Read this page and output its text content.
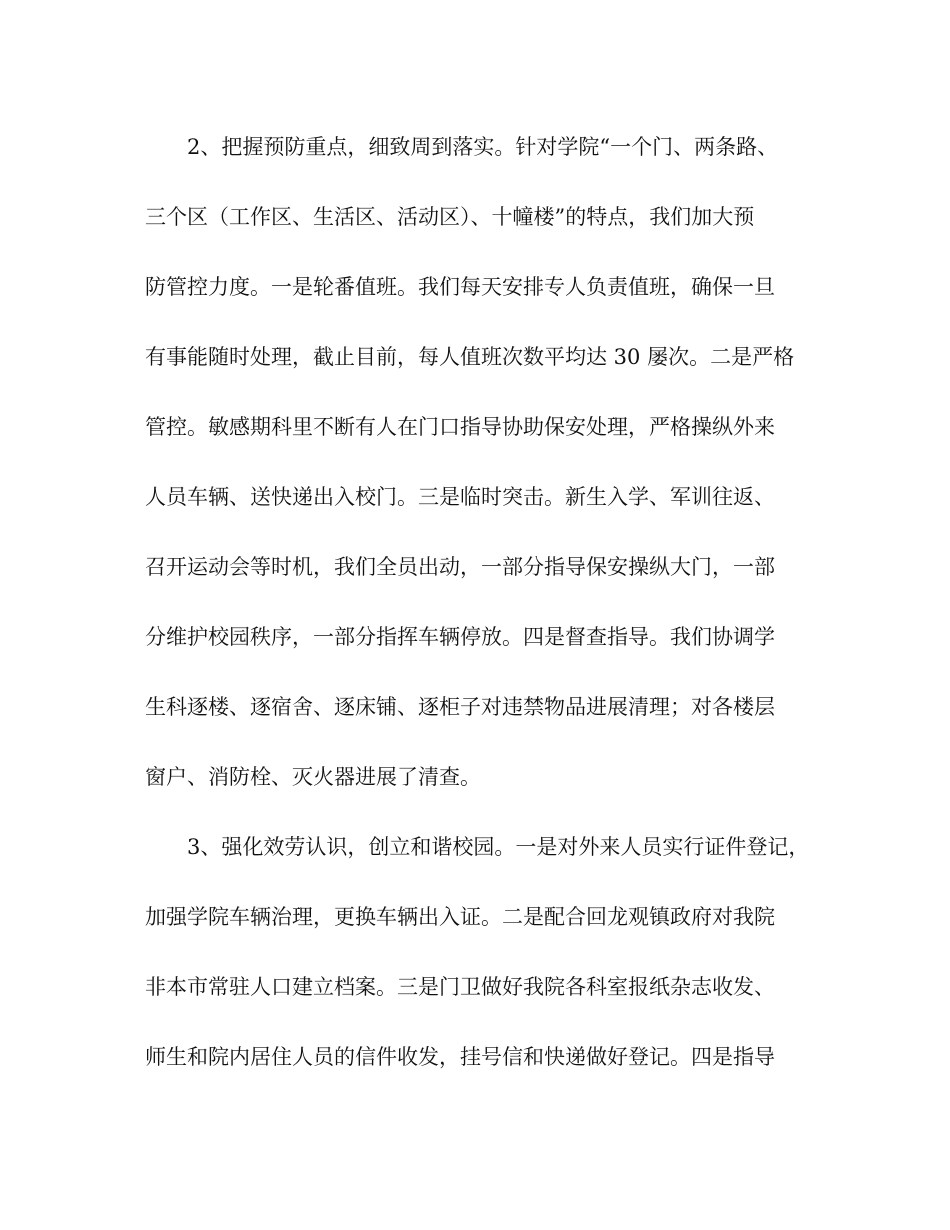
2、把握预防重点，细致周到落实。针对学院“一个门、两条路、
三个区（工作区、生活区、活动区）、十幢楼”的特点，我们加大预
防管控力度。一是轮番值班。我们每天安排专人负责值班，确保一旦
有事能随时处理，截止目前，每人值班次数平均达 30 屡次。二是严格
管控。敏感期科里不断有人在门口指导协助保安处理，严格操纵外来
人员车辆、送快递出入校门。三是临时突击。新生入学、军训往返、
召开运动会等时机，我们全员出动，一部分指导保安操纵大门，一部
分维护校园秩序，一部分指挥车辆停放。四是督查指导。我们协调学
生科逐楼、逐宿舍、逐床铺、逐柜子对违禁物品进展清理；对各楼层
窗户、消防栓、灭火器进展了清查。
3、强化效劳认识，创立和谐校园。一是对外来人员实行证件登记，
加强学院车辆治理，更换车辆出入证。二是配合回龙观镇政府对我院
非本市常驻人口建立档案。三是门卫做好我院各科室报纸杂志收发、
师生和院内居住人员的信件收发，挂号信和快递做好登记。四是指导
